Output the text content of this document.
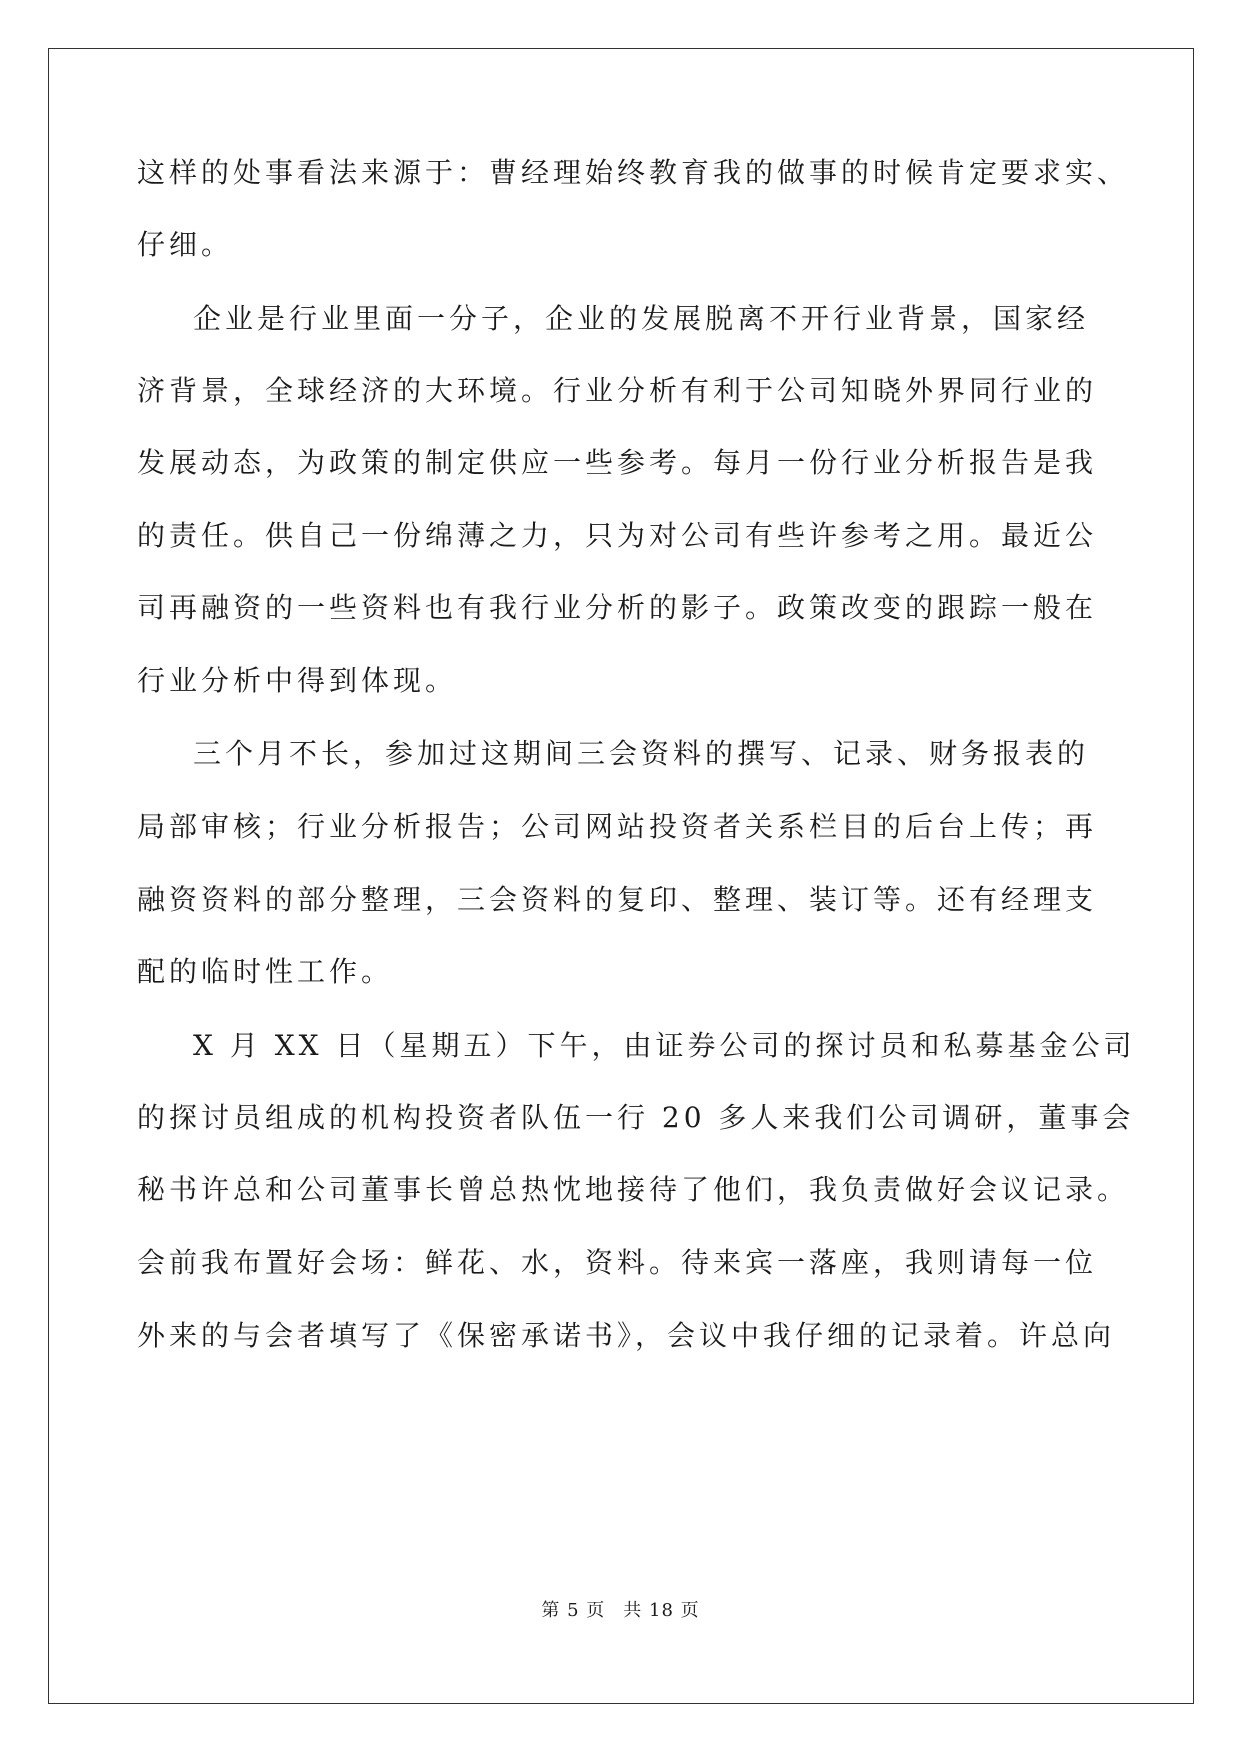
这样的处事看法来源于：曹经理始终教育我的做事的时候肯定要求实、
仔细。
企业是行业里面一分子，企业的发展脱离不开行业背景，国家经
济背景，全球经济的大环境。行业分析有利于公司知晓外界同行业的
发展动态，为政策的制定供应一些参考。每月一份行业分析报告是我
的责任。供自己一份绵薄之力，只为对公司有些许参考之用。最近公
司再融资的一些资料也有我行业分析的影子。政策改变的跟踪一般在
行业分析中得到体现。
三个月不长，参加过这期间三会资料的撰写、记录、财务报表的
局部审核；行业分析报告；公司网站投资者关系栏目的后台上传；再
融资资料的部分整理，三会资料的复印、整理、装订等。还有经理支
配的临时性工作。
X 月 XX 日（星期五）下午，由证券公司的探讨员和私募基金公司
的探讨员组成的机构投资者队伍一行 20 多人来我们公司调研，董事会
秘书许总和公司董事长曾总热忱地接待了他们，我负责做好会议记录。
会前我布置好会场：鲜花、水，资料。待来宾一落座，我则请每一位
外来的与会者填写了《保密承诺书》，会议中我仔细的记录着。许总向
第 5 页 共 18 页
